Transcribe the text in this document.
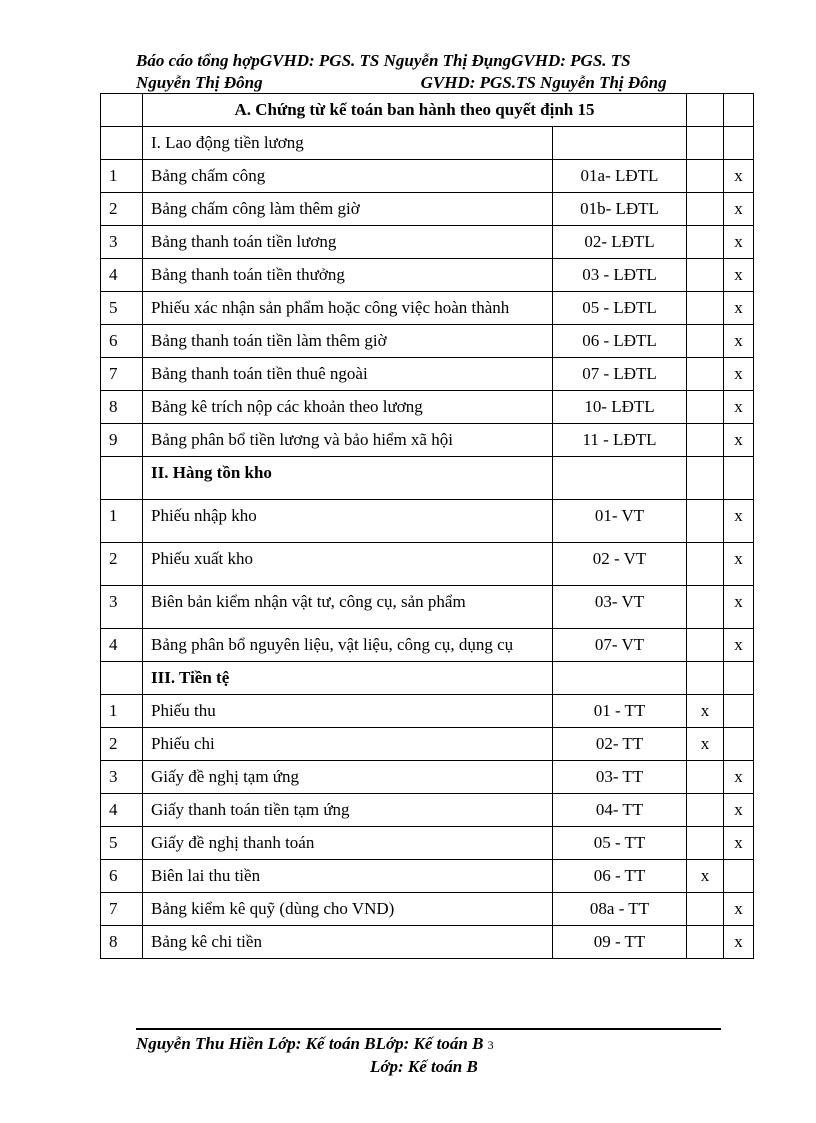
Báo cáo tổng hợpGVHD: PGS. TS Nguyễn Thị ĐụngGVHD: PGS. TS
Nguyễn Thị Đông	GVHD: PGS.TS Nguyễn Thị Đông
	A. Chứng từ kế toán ban hành theo quyết định 15			
	I. Lao động tiền lương			
1	Bảng chấm công	01a- LĐTL		x
2	Bảng chấm công làm thêm giờ	01b- LĐTL		x
3	Bảng thanh toán tiền lương	02- LĐTL		x
4	Bảng thanh toán tiền thưởng	03 - LĐTL		x
5	Phiếu xác nhận sản phẩm hoặc công việc hoàn thành	05 - LĐTL		x
6	Bảng thanh toán tiền làm thêm giờ	06 - LĐTL		x
7	Bảng thanh toán tiền thuê ngoài	07 - LĐTL		x
8	Bảng kê trích nộp các khoản theo lương	10- LĐTL		x
9	Bảng phân bổ tiền lương và bảo hiểm xã hội	11 - LĐTL		x
	II. Hàng tồn kho			
1	Phiếu nhập kho	01- VT		x
2	Phiếu xuất kho	02 - VT		x
3	Biên bản kiểm nhận vật tư, công cụ, sản phẩm	03- VT		x
4	Bảng phân bổ nguyên liệu, vật liệu, công cụ, dụng cụ	07- VT		x
	III. Tiền tệ			
1	Phiếu thu	01 - TT	x	
2	Phiếu chi	02- TT	x	
3	Giấy đề nghị tạm ứng	03- TT		x
4	Giấy thanh toán tiền tạm ứng	04- TT		x
5	Giấy đề nghị thanh toán	05 - TT		x
6	Biên lai thu tiền	06 - TT	x	
7	Bảng kiểm kê quỹ (dùng cho VND)	08a - TT		x
8	Bảng kê chi tiền	09 - TT		x
Nguyễn Thu Hiền Lớp: Kế toán BLớp: Kế toán B 3
Lớp: Kế toán B
